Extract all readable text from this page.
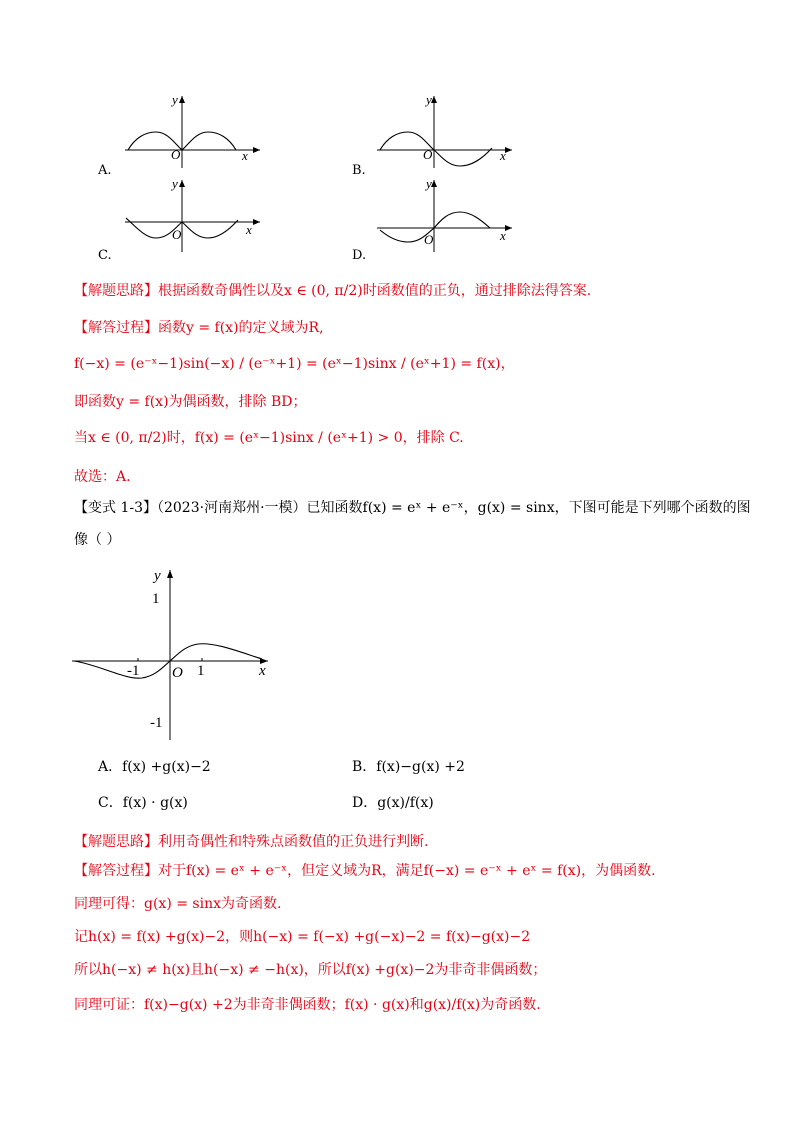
y
x
O
A.
y
x
O
B.
y
x
O
C.
y
x
O
D.
【解题思路】根据函数奇偶性以及x ∈ (0, π/2)时函数值的正负，通过排除法得答案.
【解答过程】函数y = f(x)的定义域为R,
f(−x) = (e⁻ˣ−1)sin(−x) / (e⁻ˣ+1) = (eˣ−1)sinx / (eˣ+1) = f(x)，
即函数y = f(x)为偶函数，排除 BD；
当x ∈ (0, π/2)时，f(x) = (eˣ−1)sinx / (eˣ+1) > 0，排除 C.
故选：A.
【变式 1-3】（2023·河南郑州·一模）已知函数f(x) = eˣ + e⁻ˣ，g(x) = sinx，下图可能是下列哪个函数的图
像（ ）
y
x
O
1
-1
-1	1
A．f(x) +g(x)−2	B．f(x)−g(x) +2
C．f(x) · g(x)	D．g(x)/f(x)
【解题思路】利用奇偶性和特殊点函数值的正负进行判断.
【解答过程】对于f(x) = eˣ + e⁻ˣ，但定义域为R，满足f(−x) = e⁻ˣ + eˣ = f(x)，为偶函数.
同理可得：g(x) = sinx为奇函数.
记h(x) = f(x) +g(x)−2，则h(−x) = f(−x) +g(−x)−2 = f(x)−g(x)−2
所以h(−x) ≠ h(x)且h(−x) ≠ −h(x)，所以f(x) +g(x)−2为非奇非偶函数；
同理可证：f(x)−g(x) +2为非奇非偶函数；f(x) · g(x)和g(x)/f(x)为奇函数.
